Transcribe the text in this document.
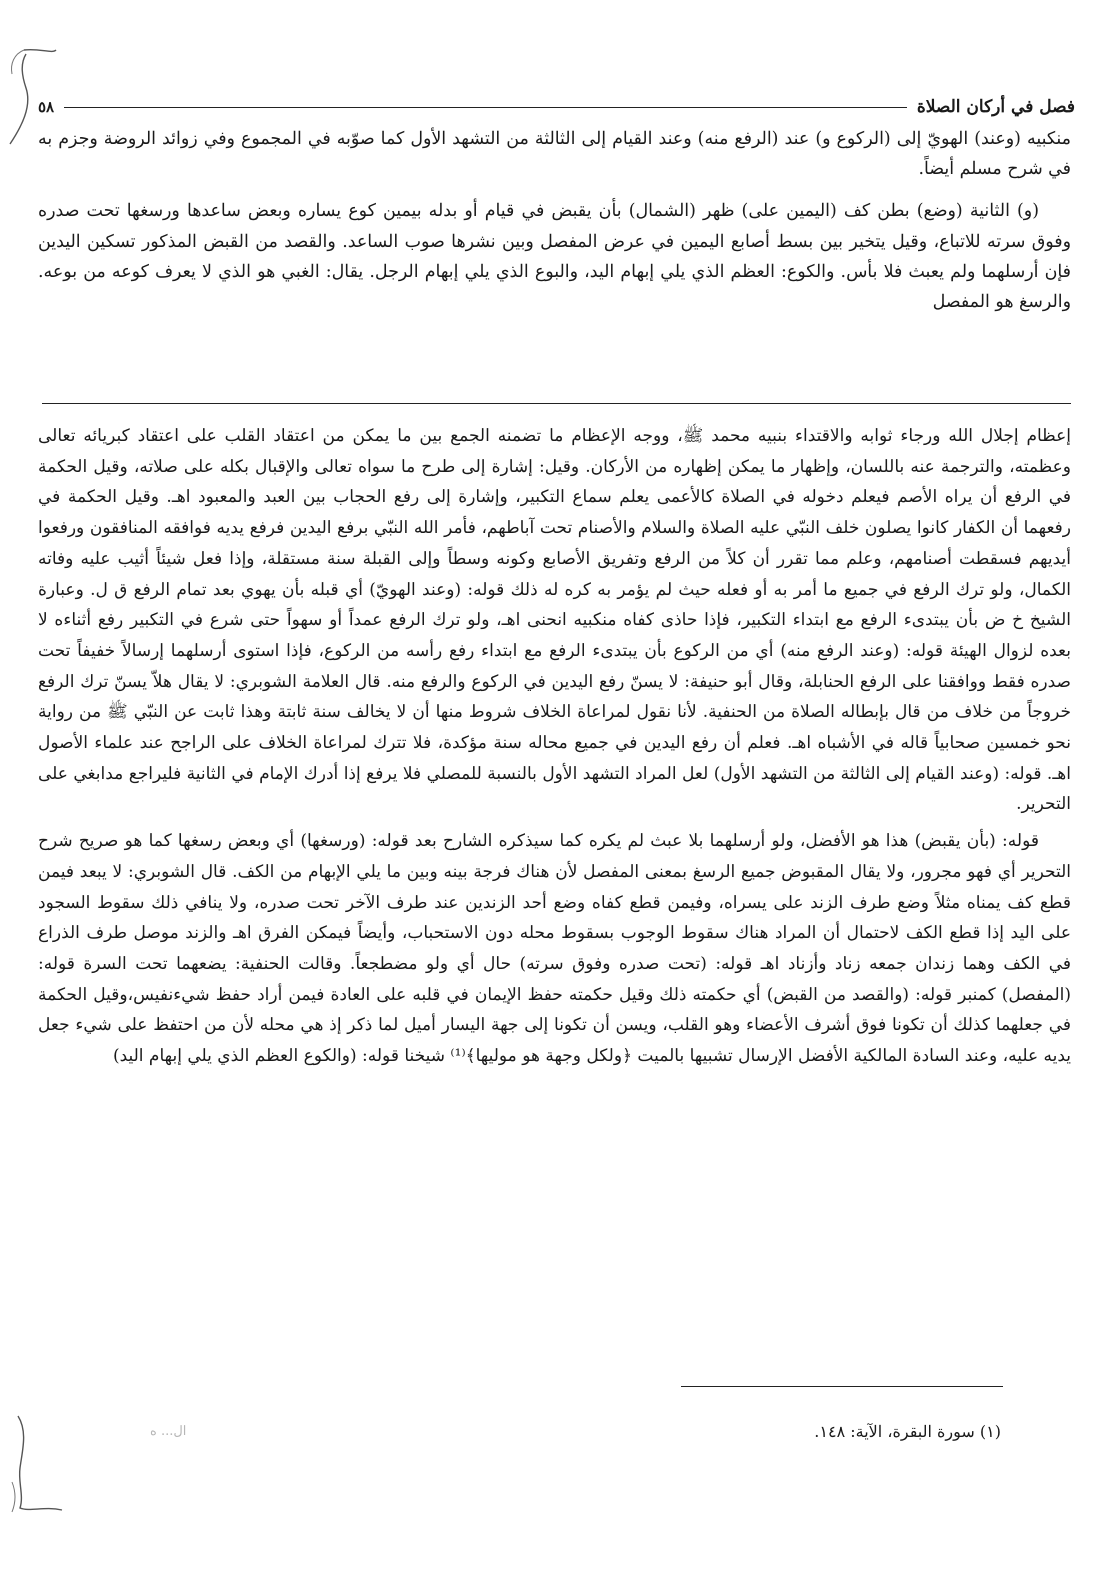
فصل في أركان الصلاة
٥٨

منكبيه (وعند) الهويّ إلى (الركوع و) عند (الرفع منه) وعند القيام إلى الثالثة من التشهد الأول كما صوّبه في المجموع وفي زوائد الروضة وجزم به في شرح مسلم أيضاً.

(و) الثانية (وضع) بطن كف (اليمين على) ظهر (الشمال) بأن يقبض في قيام أو بدله بيمين كوع يساره وبعض ساعدها ورسغها تحت صدره وفوق سرته للاتباع، وقيل يتخير بين بسط أصابع اليمين في عرض المفصل وبين نشرها صوب الساعد. والقصد من القبض المذكور تسكين اليدين فإن أرسلهما ولم يعبث فلا بأس. والكوع: العظم الذي يلي إبهام اليد، والبوع الذي يلي إبهام الرجل. يقال: الغبي هو الذي لا يعرف كوعه من بوعه. والرسغ هو المفصل

إعظام إجلال الله ورجاء ثوابه والاقتداء بنبيه محمد ﷺ، ووجه الإعظام ما تضمنه الجمع بين ما يمكن من اعتقاد القلب على اعتقاد كبريائه تعالى وعظمته، والترجمة عنه باللسان، وإظهار ما يمكن إظهاره من الأركان. وقيل: إشارة إلى طرح ما سواه تعالى والإقبال بكله على صلاته، وقيل الحكمة في الرفع أن يراه الأصم فيعلم دخوله في الصلاة كالأعمى يعلم سماع التكبير، وإشارة إلى رفع الحجاب بين العبد والمعبود اهـ. وقيل الحكمة في رفعهما أن الكفار كانوا يصلون خلف النبّي عليه الصلاة والسلام والأصنام تحت آباطهم، فأمر الله النبّي برفع اليدين فرفع يديه فوافقه المنافقون ورفعوا أيديهم فسقطت أصنامهم، وعلم مما تقرر أن كلاً من الرفع وتفريق الأصابع وكونه وسطاً وإلى القبلة سنة مستقلة، وإذا فعل شيئاً أثيب عليه وفاته الكمال، ولو ترك الرفع في جميع ما أمر به أو فعله حيث لم يؤمر به كره له ذلك قوله: (وعند الهويّ) أي قبله بأن يهوي بعد تمام الرفع ق ل. وعبارة الشيخ خ ض بأن يبتدىء الرفع مع ابتداء التكبير، فإذا حاذى كفاه منكبيه انحنى اهـ، ولو ترك الرفع عمداً أو سهواً حتى شرع في التكبير رفع أثناءه لا بعده لزوال الهيئة قوله: (وعند الرفع منه) أي من الركوع بأن يبتدىء الرفع مع ابتداء رفع رأسه من الركوع، فإذا استوى أرسلهما إرسالاً خفيفاً تحت صدره فقط ووافقنا على الرفع الحنابلة، وقال أبو حنيفة: لا يسنّ رفع اليدين في الركوع والرفع منه. قال العلامة الشوبري: لا يقال هلاّ يسنّ ترك الرفع خروجاً من خلاف من قال بإبطاله الصلاة من الحنفية. لأنا نقول لمراعاة الخلاف شروط منها أن لا يخالف سنة ثابتة وهذا ثابت عن النبّي ﷺ من رواية نحو خمسين صحابياً قاله في الأشباه اهـ. فعلم أن رفع اليدين في جميع محاله سنة مؤكدة، فلا تترك لمراعاة الخلاف على الراجح عند علماء الأصول اهـ. قوله: (وعند القيام إلى الثالثة من التشهد الأول) لعل المراد التشهد الأول بالنسبة للمصلي فلا يرفع إذا أدرك الإمام في الثانية فليراجع مدابغي على التحرير.

قوله: (بأن يقبض) هذا هو الأفضل، ولو أرسلهما بلا عبث لم يكره كما سيذكره الشارح بعد قوله: (ورسغها) أي وبعض رسغها كما هو صريح شرح التحرير أي فهو مجرور، ولا يقال المقبوض جميع الرسغ بمعنى المفصل لأن هناك فرجة بينه وبين ما يلي الإبهام من الكف. قال الشوبري: لا يبعد فيمن قطع كف يمناه مثلاً وضع طرف الزند على يسراه، وفيمن قطع كفاه وضع أحد الزندين عند طرف الآخر تحت صدره، ولا ينافي ذلك سقوط السجود على اليد إذا قطع الكف لاحتمال أن المراد هناك سقوط الوجوب بسقوط محله دون الاستحباب، وأيضاً فيمكن الفرق اهـ والزند موصل طرف الذراع في الكف وهما زندان جمعه زناد وأزناد اهـ قوله: (تحت صدره وفوق سرته) حال أي ولو مضطجعاً. وقالت الحنفية: يضعهما تحت السرة قوله: (المفصل) كمنبر قوله: (والقصد من القبض) أي حكمته ذلك وقيل حكمته حفظ الإيمان في قلبه على العادة فيمن أراد حفظ شيءنفيس،وقيل الحكمة في جعلهما كذلك أن تكونا فوق أشرف الأعضاء وهو القلب، ويسن أن تكونا إلى جهة اليسار أميل لما ذكر إذ هي محله لأن من احتفظ على شيء جعل يديه عليه، وعند السادة المالكية الأفضل الإرسال تشبيها بالميت ﴿ولكل وجهة هو موليها﴾⁽¹⁾ شيخنا قوله: (والكوع العظم الذي يلي إبهام اليد)

(١) سورة البقرة، الآية: ١٤٨.
ال... ه
